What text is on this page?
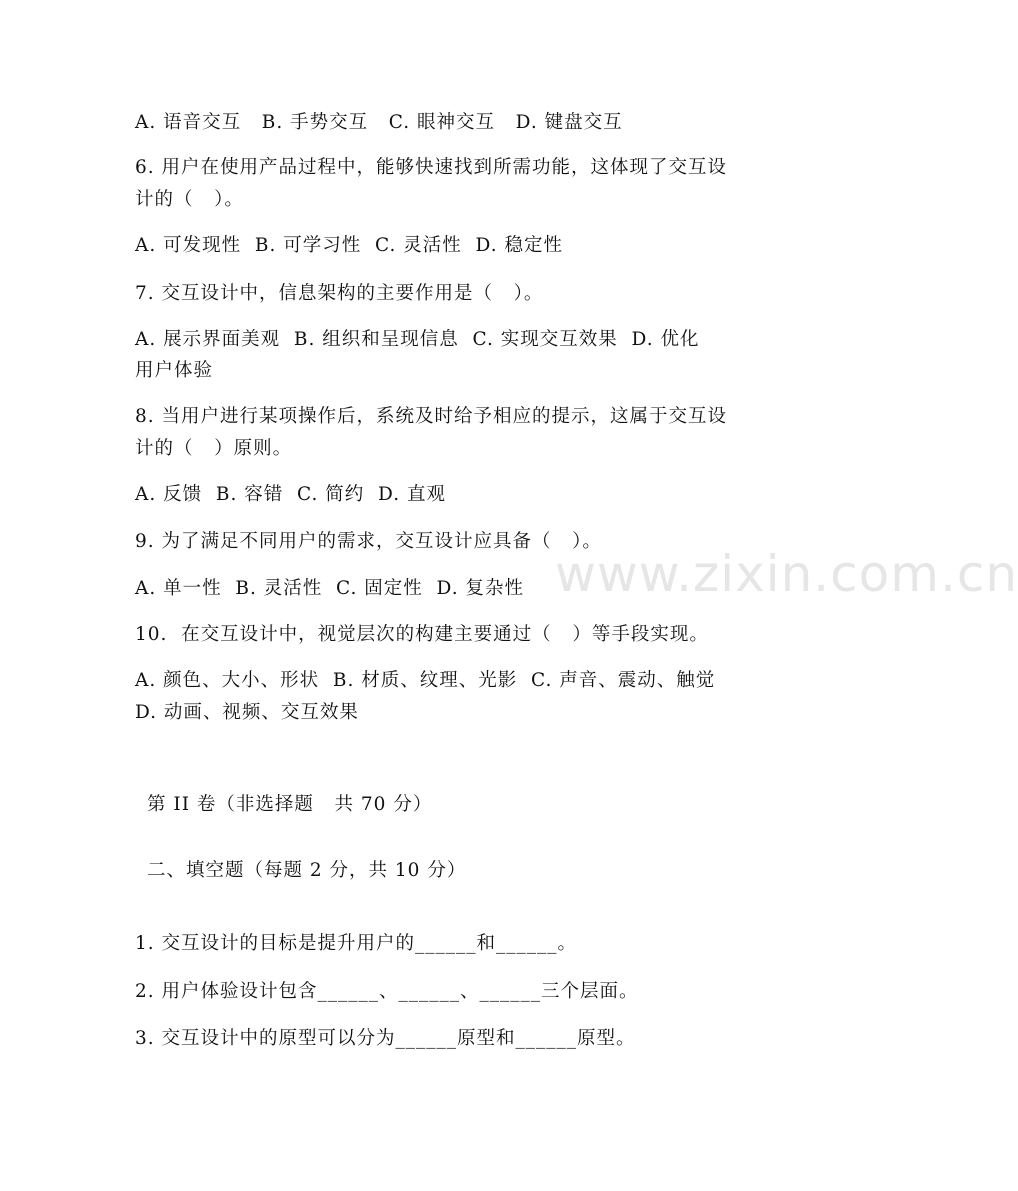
A. 语音交互   B. 手势交互   C. 眼神交互   D. 键盘交互
6. 用户在使用产品过程中，能够快速找到所需功能，这体现了交互设
计的（   ）。
A. 可发现性  B. 可学习性  C. 灵活性  D. 稳定性
7. 交互设计中，信息架构的主要作用是（   ）。
A. 展示界面美观  B. 组织和呈现信息  C. 实现交互效果  D. 优化
用户体验
8. 当用户进行某项操作后，系统及时给予相应的提示，这属于交互设
计的（   ）原则。
A. 反馈  B. 容错  C. 简约  D. 直观
9. 为了满足不同用户的需求，交互设计应具备（   ）。
A. 单一性  B. 灵活性  C. 固定性  D. 复杂性
10.  在交互设计中，视觉层次的构建主要通过（   ）等手段实现。
A. 颜色、大小、形状  B. 材质、纹理、光影  C. 声音、震动、触觉
D. 动画、视频、交互效果
第 II 卷（非选择题   共 70 分）
二、填空题（每题 2 分，共 10 分）
1. 交互设计的目标是提升用户的______和______。
2. 用户体验设计包含______、______、______三个层面。
3. 交互设计中的原型可以分为______原型和______原型。
www.zixin.com.cn
